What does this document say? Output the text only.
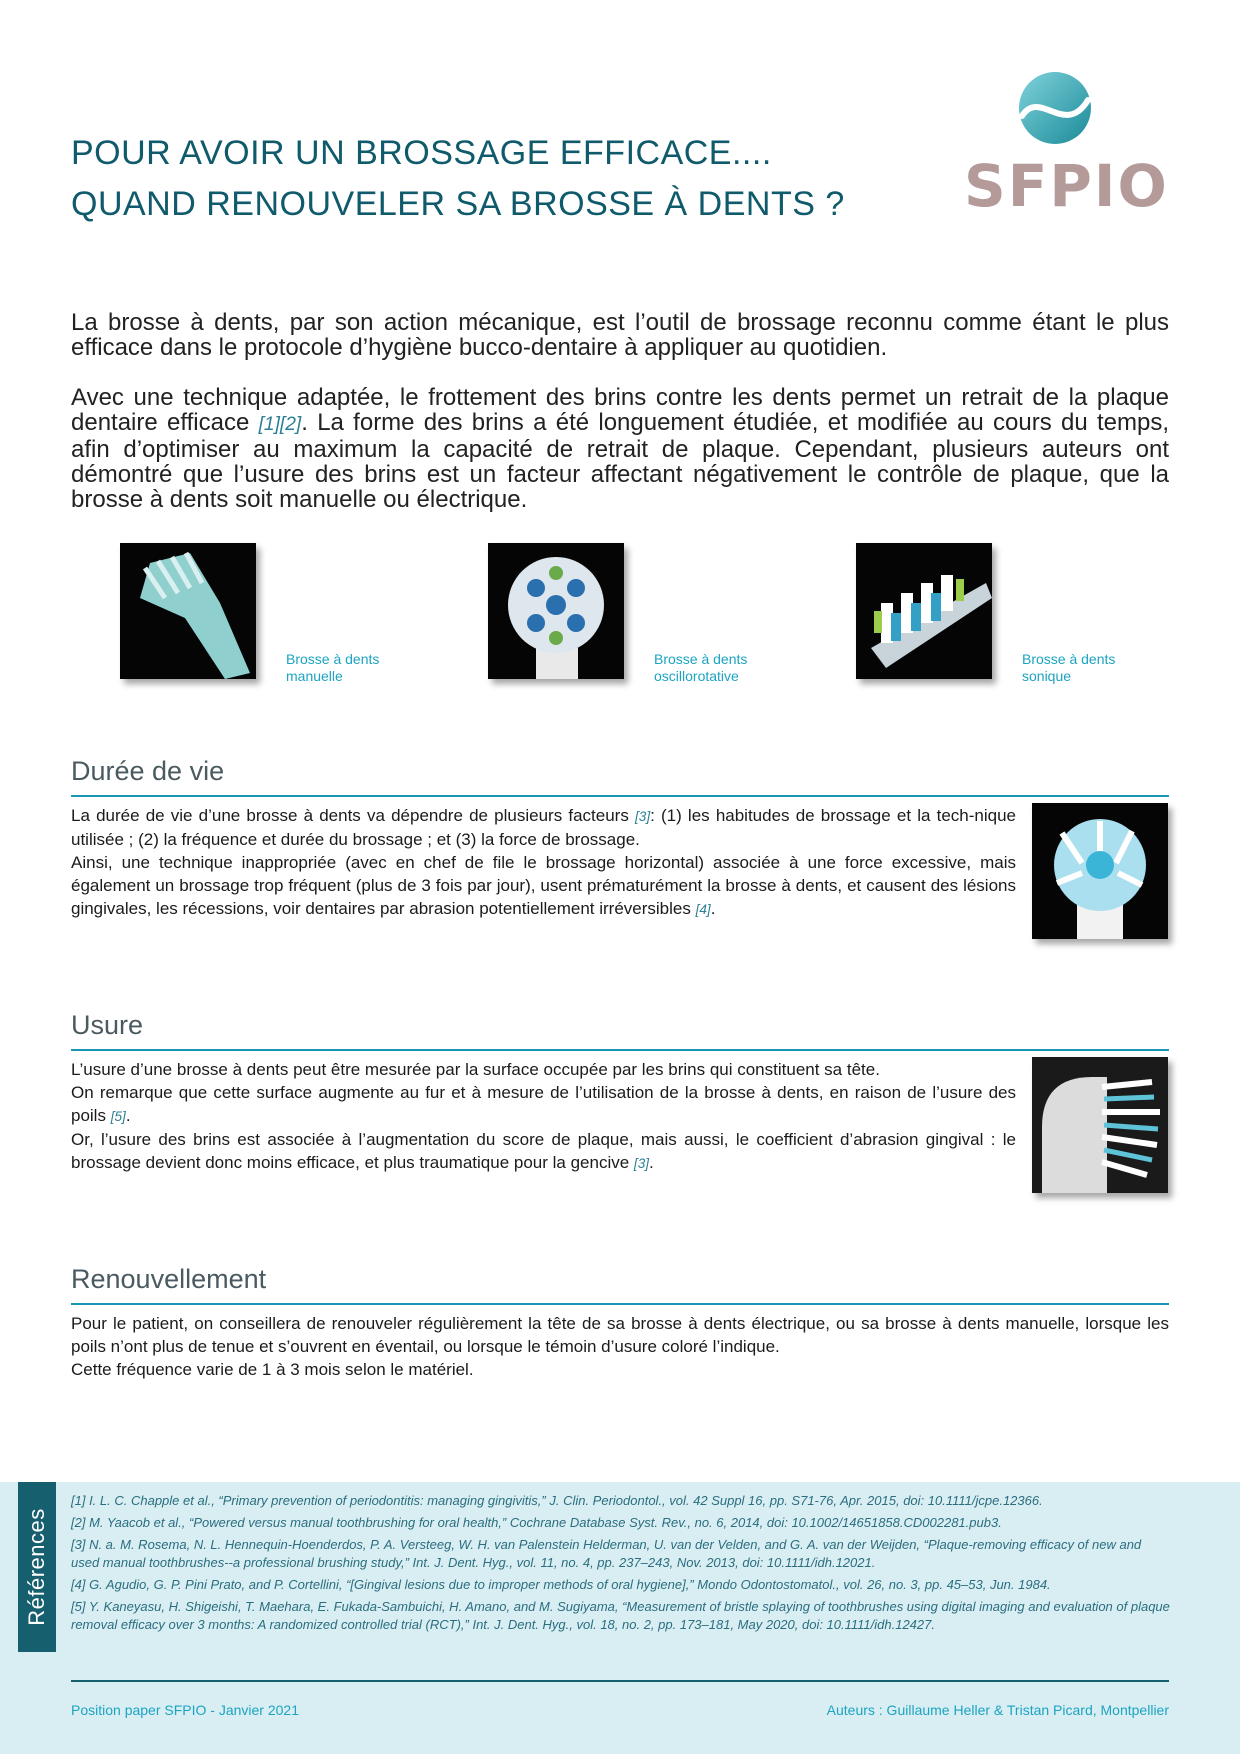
POUR AVOIR UN BROSSAGE EFFICACE....
QUAND RENOUVELER SA BROSSE À DENTS ?	SFPIO
La brosse à dents, par son action mécanique, est l’outil de brossage reconnu comme étant le plus efficace dans le protocole d’hygiène bucco-dentaire à appliquer au quotidien.
Avec une technique adaptée, le frottement des brins contre les dents permet un retrait de la plaque dentaire efficace [1][2]. La forme des brins a été longuement étudiée, et modifiée au cours du temps, afin d’optimiser au maximum la capacité de retrait de plaque. Cependant, plusieurs auteurs ont démontré que l’usure des brins est un facteur affectant négativement le contrôle de plaque, que la brosse à dents soit manuelle ou électrique.
Brosse à dents
manuelle
Brosse à dents
oscillorotative
Brosse à dents
sonique
Durée de vie

La durée de vie d’une brosse à dents va dépendre de plusieurs facteurs [3]: (1) les habitudes de brossage et la tech-nique utilisée ; (2) la fréquence et durée du brossage ; et (3) la force de brossage.

Ainsi, une technique inappropriée (avec en chef de file le brossage horizontal) associée à une force excessive, mais également un brossage trop fréquent (plus de 3 fois par jour), usent prématurément la brosse à dents, et causent des lésions gingivales, les récessions, voir dentaires par abrasion potentiellement irréversibles [4].

Usure

L’usure d’une brosse à dents peut être mesurée par la surface occupée par les brins qui constituent sa tête.

On remarque que cette surface augmente au fur et à mesure de l’utilisation de la brosse à dents, en raison de l’usure des poils [5].

Or, l’usure des brins est associée à l’augmentation du score de plaque, mais aussi, le coefficient d’abrasion gingival : le brossage devient donc moins efficace, et plus traumatique pour la gencive [3].

Renouvellement

Pour le patient, on conseillera de renouveler régulièrement la tête de sa brosse à dents électrique, ou sa brosse à dents manuelle, lorsque les poils n’ont plus de tenue et s’ouvrent en éventail, ou lorsque le témoin d’usure coloré l’indique.

Cette fréquence varie de 1 à 3 mois selon le matériel.

Références
[1] I. L. C. Chapple et al., “Primary prevention of periodontitis: managing gingivitis,” J. Clin. Periodontol., vol. 42 Suppl 16, pp. S71-76, Apr. 2015, doi: 10.1111/jcpe.12366.
[2] M. Yaacob et al., “Powered versus manual toothbrushing for oral health,” Cochrane Database Syst. Rev., no. 6, 2014, doi: 10.1002/14651858.CD002281.pub3.
[3] N. a. M. Rosema, N. L. Hennequin-Hoenderdos, P. A. Versteeg, W. H. van Palenstein Helderman, U. van der Velden, and G. A. van der Weijden, “Plaque-removing efficacy of new and used manual toothbrushes--a professional brushing study,” Int. J. Dent. Hyg., vol. 11, no. 4, pp. 237–243, Nov. 2013, doi: 10.1111/idh.12021.
[4] G. Agudio, G. P. Pini Prato, and P. Cortellini, “[Gingival lesions due to improper methods of oral hygiene],” Mondo Odontostomatol., vol. 26, no. 3, pp. 45–53, Jun. 1984.
[5] Y. Kaneyasu, H. Shigeishi, T. Maehara, E. Fukada-Sambuichi, H. Amano, and M. Sugiyama, “Measurement of bristle splaying of toothbrushes using digital imaging and evaluation of plaque removal efficacy over 3 months: A randomized controlled trial (RCT),” Int. J. Dent. Hyg., vol. 18, no. 2, pp. 173–181, May 2020, doi: 10.1111/idh.12427.
Position paper SFPIO - Janvier 2021	Auteurs : Guillaume Heller & Tristan Picard, Montpellier
